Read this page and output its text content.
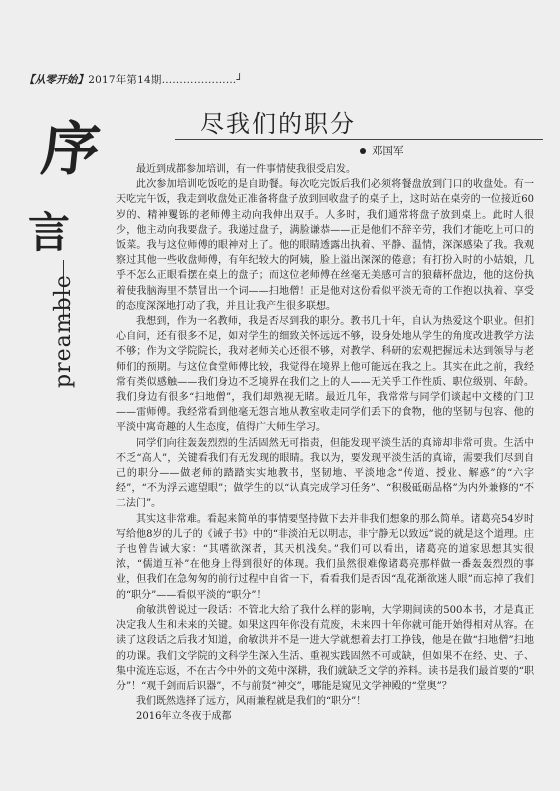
【从零开始】2017年第14期…………………┘
序
言
preamble
尽我们的职分
邓国军

最近到成都参加培训，有一件事情使我很受启发。

此次参加培训吃饭吃的是自助餐。每次吃完饭后我们必须将餐盘放到门口的收盘处。有一天吃完午饭，我走到收盘处正准备将盘子放到回收盘子的桌子上，这时站在桌旁的一位接近60岁的、精神矍铄的老师傅主动向我伸出双手。人多时，我们通常将盘子放到桌上。此时人很少，他主动向我要盘子。我递过盘子，满脸谦恭——正是他们不辞辛劳，我们才能吃上可口的饭菜。我与这位师傅的眼神对上了。他的眼睛透露出执着、平静、温情，深深感染了我。我观察过其他一些收盘师傅，有年纪较大的阿姨，脸上溢出深深的倦意；有打扮入时的小姑娘，几乎不怎么正眼看摆在桌上的盘子；而这位老师傅在丝毫无美感可言的狼藉杯盘边，他的这份执着使我脑海里不禁冒出一个词——扫地僧！正是他对这份看似平淡无奇的工作抱以执着、享受的态度深深地打动了我，并且让我产生很多联想。

我想到，作为一名教师，我是否尽到我的职分。教书几十年，自认为热爱这个职业。但扪心自问，还有很多不足，如对学生的细致关怀远远不够，设身处地从学生的角度改进教学方法不够；作为文学院院长，我对老师关心还很不够，对教学、科研的宏观把握远未达到领导与老师们的预期。与这位食堂师傅比较，我觉得在境界上他可能远在我之上。其实在此之前，我经常有类似感触——我们身边不乏境界在我们之上的人——无关乎工作性质、职位级别、年龄。我们身边有很多“扫地僧”，我们却熟视无睹。最近几年，我常常与同学们谈起中文楼的门卫——雷师傅。我经常看到他毫无怨言地从教室收走同学们丢下的食物，他的坚韧与包容、他的平淡中寓奇趣的人生态度，值得广大师生学习。

同学们向往轰轰烈烈的生活固然无可指责，但能发现平淡生活的真谛却非常可贵。生活中不乏“高人”，关键看我们有无发现的眼睛。我以为，要发现平淡生活的真谛，需要我们尽到自己的职分——做老师的踏踏实实地教书，坚韧地、平淡地念“传道、授业、解惑”的“六字经”，“不为浮云遮望眼”；做学生的以“认真完成学习任务”、“积极砥砺品格”为内外兼修的“不二法门”。

其实这非常难。看起来简单的事情要坚持做下去并非我们想象的那么简单。诸葛亮54岁时写给他8岁的儿子的《诫子书》中的“非淡泊无以明志，非宁静无以致远”说的就是这个道理。庄子也曾告诫大家：“其嗜欲深者，其天机浅矣。”我们可以看出，诸葛亮的道家思想其实很浓，“儒道互补”在他身上得到很好的体现。我们虽然很难像诸葛亮那样做一番轰轰烈烈的事业，但我们在急匆匆的前行过程中自省一下，看看我们是否因“乱花渐欲迷人眼”而忘掉了我们的“职分”——看似平淡的“职分”！

俞敏洪曾说过一段话：不管北大给了我什么样的影响，大学期间读的500本书，才是真正决定我人生和未来的关键。如果这四年你没有荒废，未来四十年你就可能开始得相对从容。在读了这段话之后我才知道，俞敏洪并不是一进大学就想着去打工挣钱，他是在做“扫地僧”扫地的功课。我们文学院的文科学生深入生活、重视实践固然不可或缺，但如果不在经、史、子、集中流连忘返，不在古今中外的文苑中深耕，我们就缺乏文学的养料。读书是我们最首要的“职分”！“观千剑而后识器”，不与前贤“神交”，哪能是窥见文学神殿的“堂奥”？

我们既然选择了远方，风雨兼程就是我们的“职分”！

2016年立冬夜于成都
